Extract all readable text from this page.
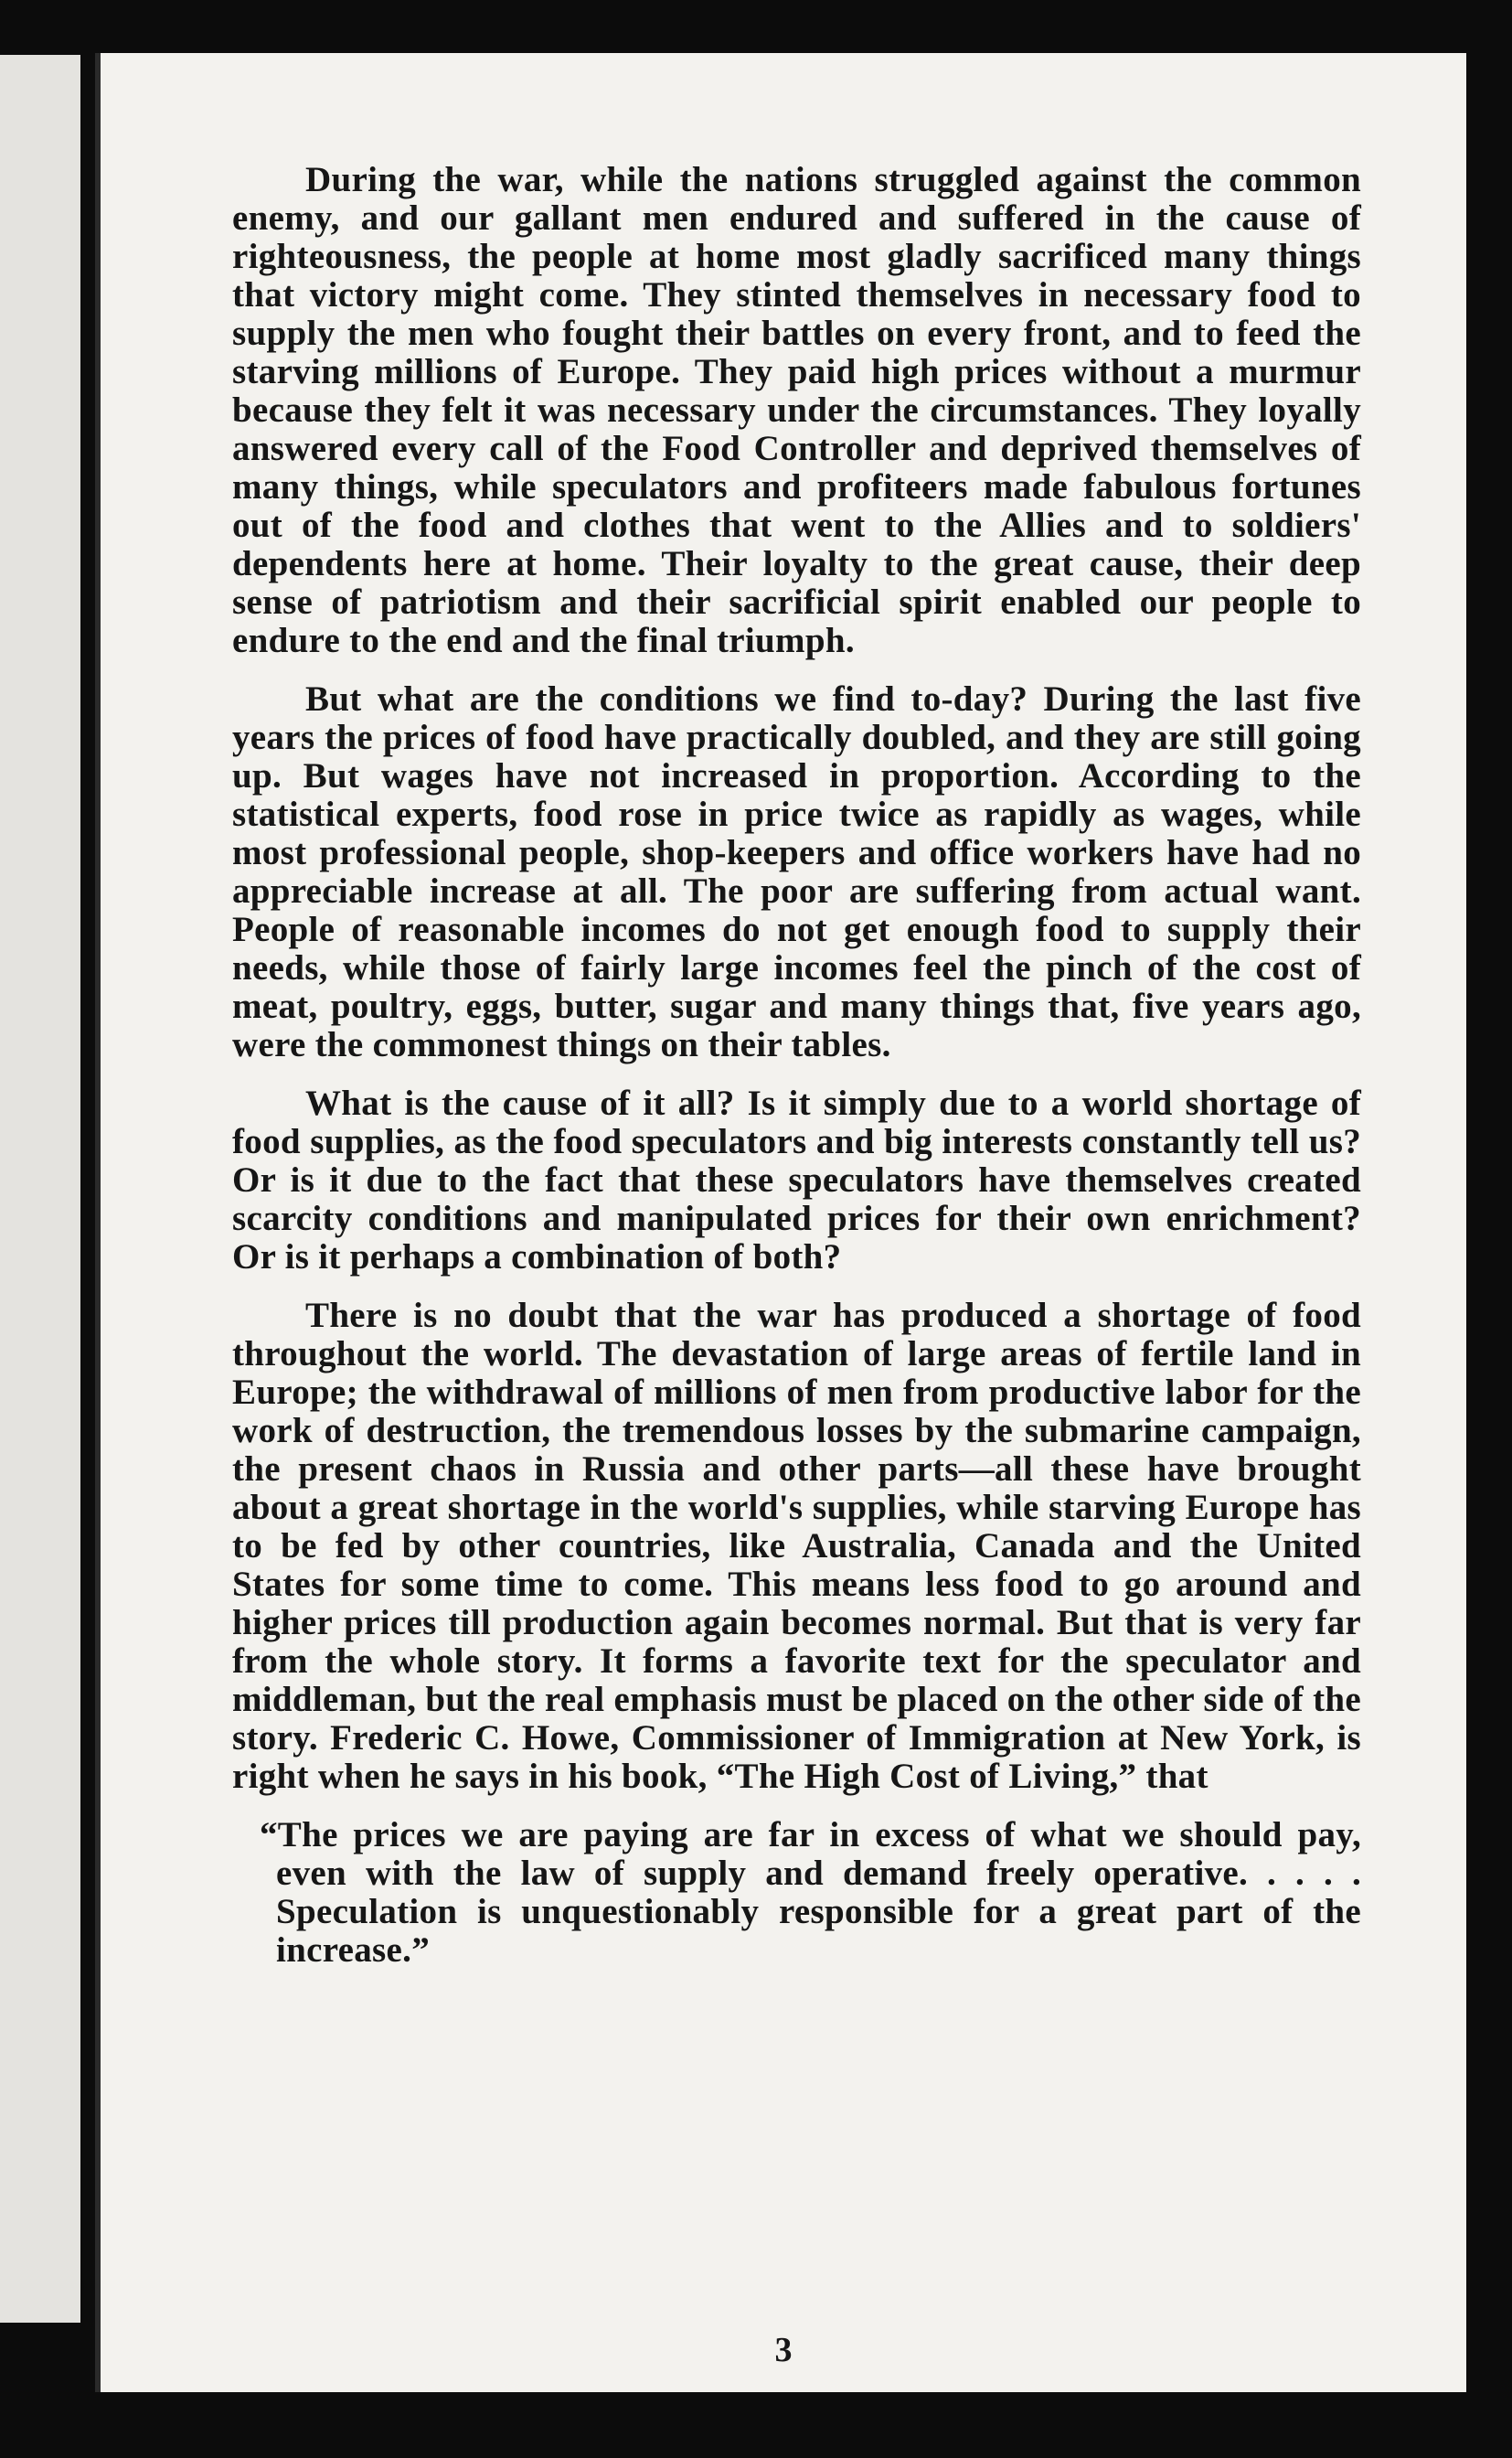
During the war, while the nations struggled against the common enemy, and our gallant men endured and suffered in the cause of righteousness, the people at home most gladly sacrificed many things that victory might come. They stinted themselves in necessary food to supply the men who fought their battles on every front, and to feed the starving millions of Europe. They paid high prices without a murmur because they felt it was necessary under the circumstances. They loyally answered every call of the Food Controller and deprived themselves of many things, while speculators and profiteers made fabulous fortunes out of the food and clothes that went to the Allies and to soldiers' dependents here at home. Their loyalty to the great cause, their deep sense of patriotism and their sacrificial spirit enabled our people to endure to the end and the final triumph.

But what are the conditions we find to-day? During the last five years the prices of food have practically doubled, and they are still going up. But wages have not increased in proportion. According to the statistical experts, food rose in price twice as rapidly as wages, while most professional people, shop-keepers and office workers have had no appreciable increase at all. The poor are suffering from actual want. People of reasonable incomes do not get enough food to supply their needs, while those of fairly large incomes feel the pinch of the cost of meat, poultry, eggs, butter, sugar and many things that, five years ago, were the commonest things on their tables.

What is the cause of it all? Is it simply due to a world shortage of food supplies, as the food speculators and big interests constantly tell us? Or is it due to the fact that these speculators have themselves created scarcity conditions and manipulated prices for their own enrichment? Or is it perhaps a combination of both?

There is no doubt that the war has produced a shortage of food throughout the world. The devastation of large areas of fertile land in Europe; the withdrawal of millions of men from productive labor for the work of destruction, the tremendous losses by the submarine campaign, the present chaos in Russia and other parts—all these have brought about a great shortage in the world's supplies, while starving Europe has to be fed by other countries, like Australia, Canada and the United States for some time to come. This means less food to go around and higher prices till production again becomes normal. But that is very far from the whole story. It forms a favorite text for the speculator and middleman, but the real emphasis must be placed on the other side of the story. Frederic C. Howe, Commissioner of Immigration at New York, is right when he says in his book, “The High Cost of Living,” that

“The prices we are paying are far in excess of what we should pay, even with the law of supply and demand freely operative. . . . . Speculation is unquestionably responsible for a great part of the increase.”

3
